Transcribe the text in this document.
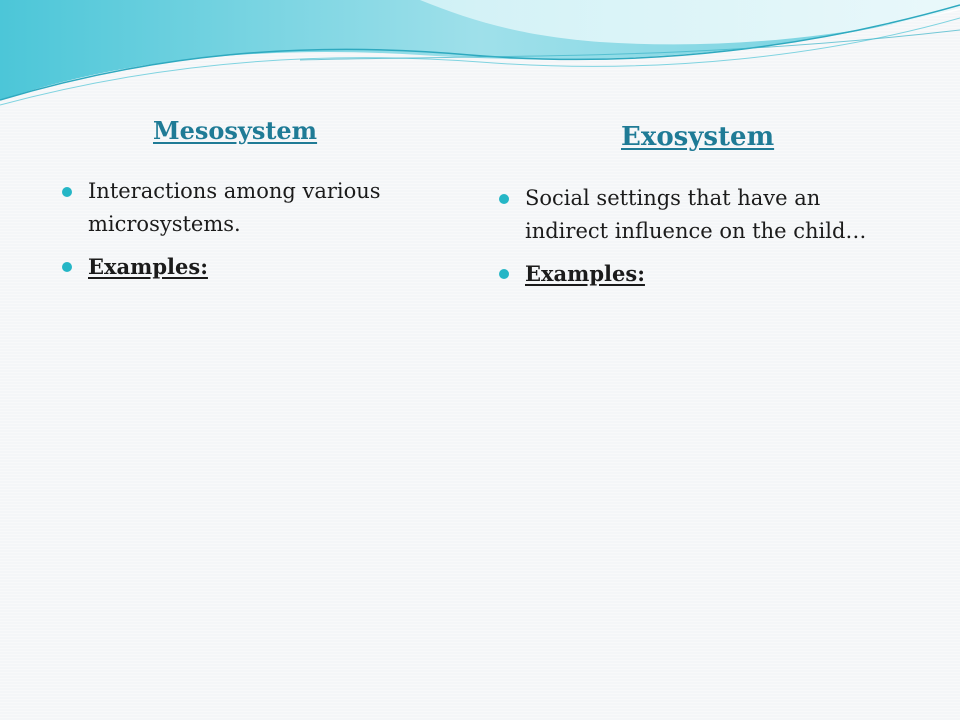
Mesosystem
Interactions among various microsystems.
Examples:
Exosystem
Social settings that have an indirect influence on the child…
Examples:
